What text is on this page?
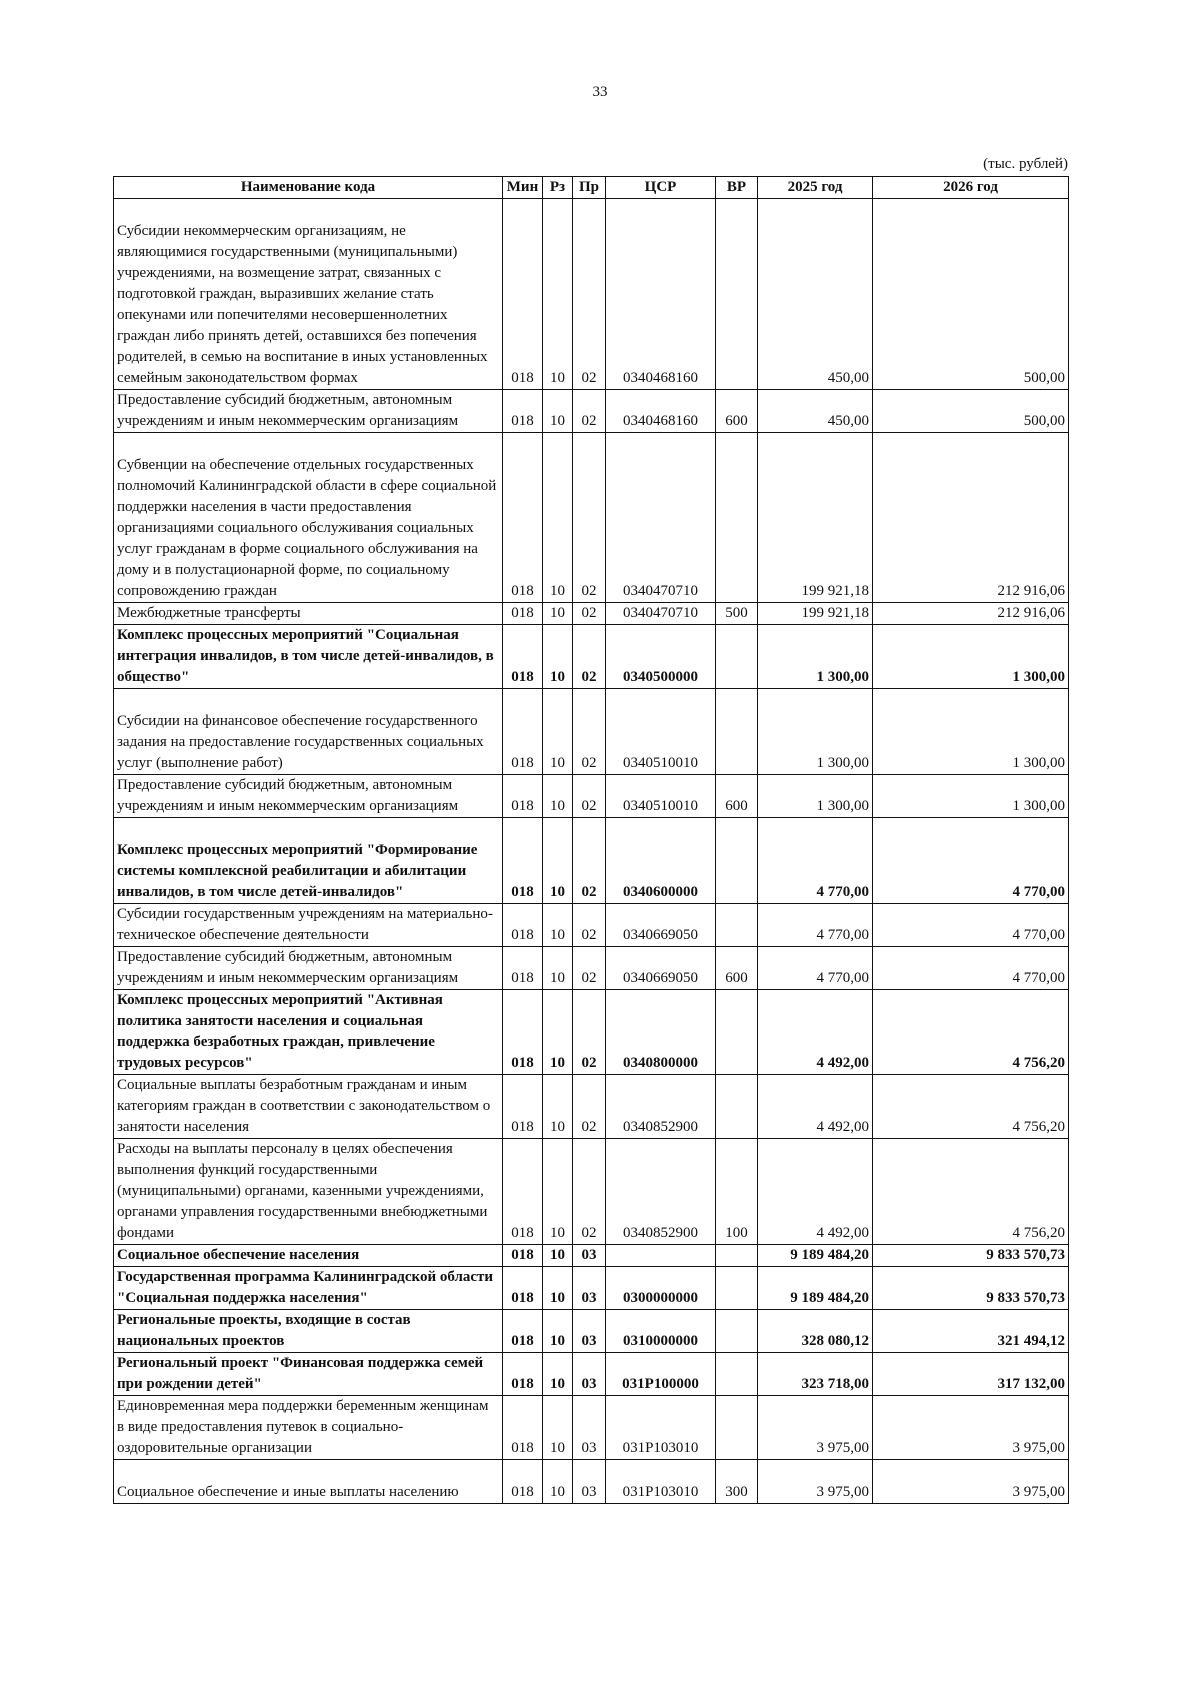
33
(тыс. рублей)
Наименование кода	Мин	Рз	Пр	ЦСР	ВР	2025 год	2026 год
Субсидии некоммерческим организациям, не являющимися государственными (муниципальными) учреждениями, на возмещение затрат, связанных с подготовкой граждан, выразивших желание стать опекунами или попечителями несовершеннолетних граждан либо принять детей, оставшихся без попечения родителей, в семью на воспитание в иных установленных семейным законодательством формах	018	10	02	0340468160		450,00	500,00
Предоставление субсидий бюджетным, автономным учреждениям и иным некоммерческим организациям	018	10	02	0340468160	600	450,00	500,00
Субвенции на обеспечение отдельных государственных полномочий Калининградской области в сфере социальной поддержки населения в части предоставления организациями социального обслуживания социальных услуг гражданам в форме социального обслуживания на дому и в полустационарной форме, по социальному сопровождению граждан	018	10	02	0340470710		199 921,18	212 916,06
Межбюджетные трансферты	018	10	02	0340470710	500	199 921,18	212 916,06
Комплекс процессных мероприятий "Социальная интеграция инвалидов, в том числе детей-инвалидов, в общество"	018	10	02	0340500000		1 300,00	1 300,00
Субсидии на финансовое обеспечение государственного задания на предоставление государственных социальных услуг (выполнение работ)	018	10	02	0340510010		1 300,00	1 300,00
Предоставление субсидий бюджетным, автономным учреждениям и иным некоммерческим организациям	018	10	02	0340510010	600	1 300,00	1 300,00
Комплекс процессных мероприятий "Формирование системы комплексной реабилитации и абилитации инвалидов, в том числе детей-инвалидов"	018	10	02	0340600000		4 770,00	4 770,00
Субсидии государственным учреждениям на материально-техническое обеспечение деятельности	018	10	02	0340669050		4 770,00	4 770,00
Предоставление субсидий бюджетным, автономным учреждениям и иным некоммерческим организациям	018	10	02	0340669050	600	4 770,00	4 770,00
Комплекс процессных мероприятий "Активная политика занятости населения и социальная поддержка безработных граждан, привлечение трудовых ресурсов"	018	10	02	0340800000		4 492,00	4 756,20
Социальные выплаты безработным гражданам и иным категориям граждан в соответствии с законодательством о занятости населения	018	10	02	0340852900		4 492,00	4 756,20
Расходы на выплаты персоналу в целях обеспечения выполнения функций государственными (муниципальными) органами, казенными учреждениями, органами управления государственными внебюджетными фондами	018	10	02	0340852900	100	4 492,00	4 756,20
Социальное обеспечение населения	018	10	03			9 189 484,20	9 833 570,73
Государственная программа Калининградской области "Социальная поддержка населения"	018	10	03	0300000000		9 189 484,20	9 833 570,73
Региональные проекты, входящие в состав национальных проектов	018	10	03	0310000000		328 080,12	321 494,12
Региональный проект "Финансовая поддержка семей при рождении детей"	018	10	03	031P100000		323 718,00	317 132,00
Единовременная мера поддержки беременным женщинам в виде предоставления путевок в социально-оздоровительные организации	018	10	03	031P103010		3 975,00	3 975,00
Социальное обеспечение и иные выплаты населению	018	10	03	031P103010	300	3 975,00	3 975,00
